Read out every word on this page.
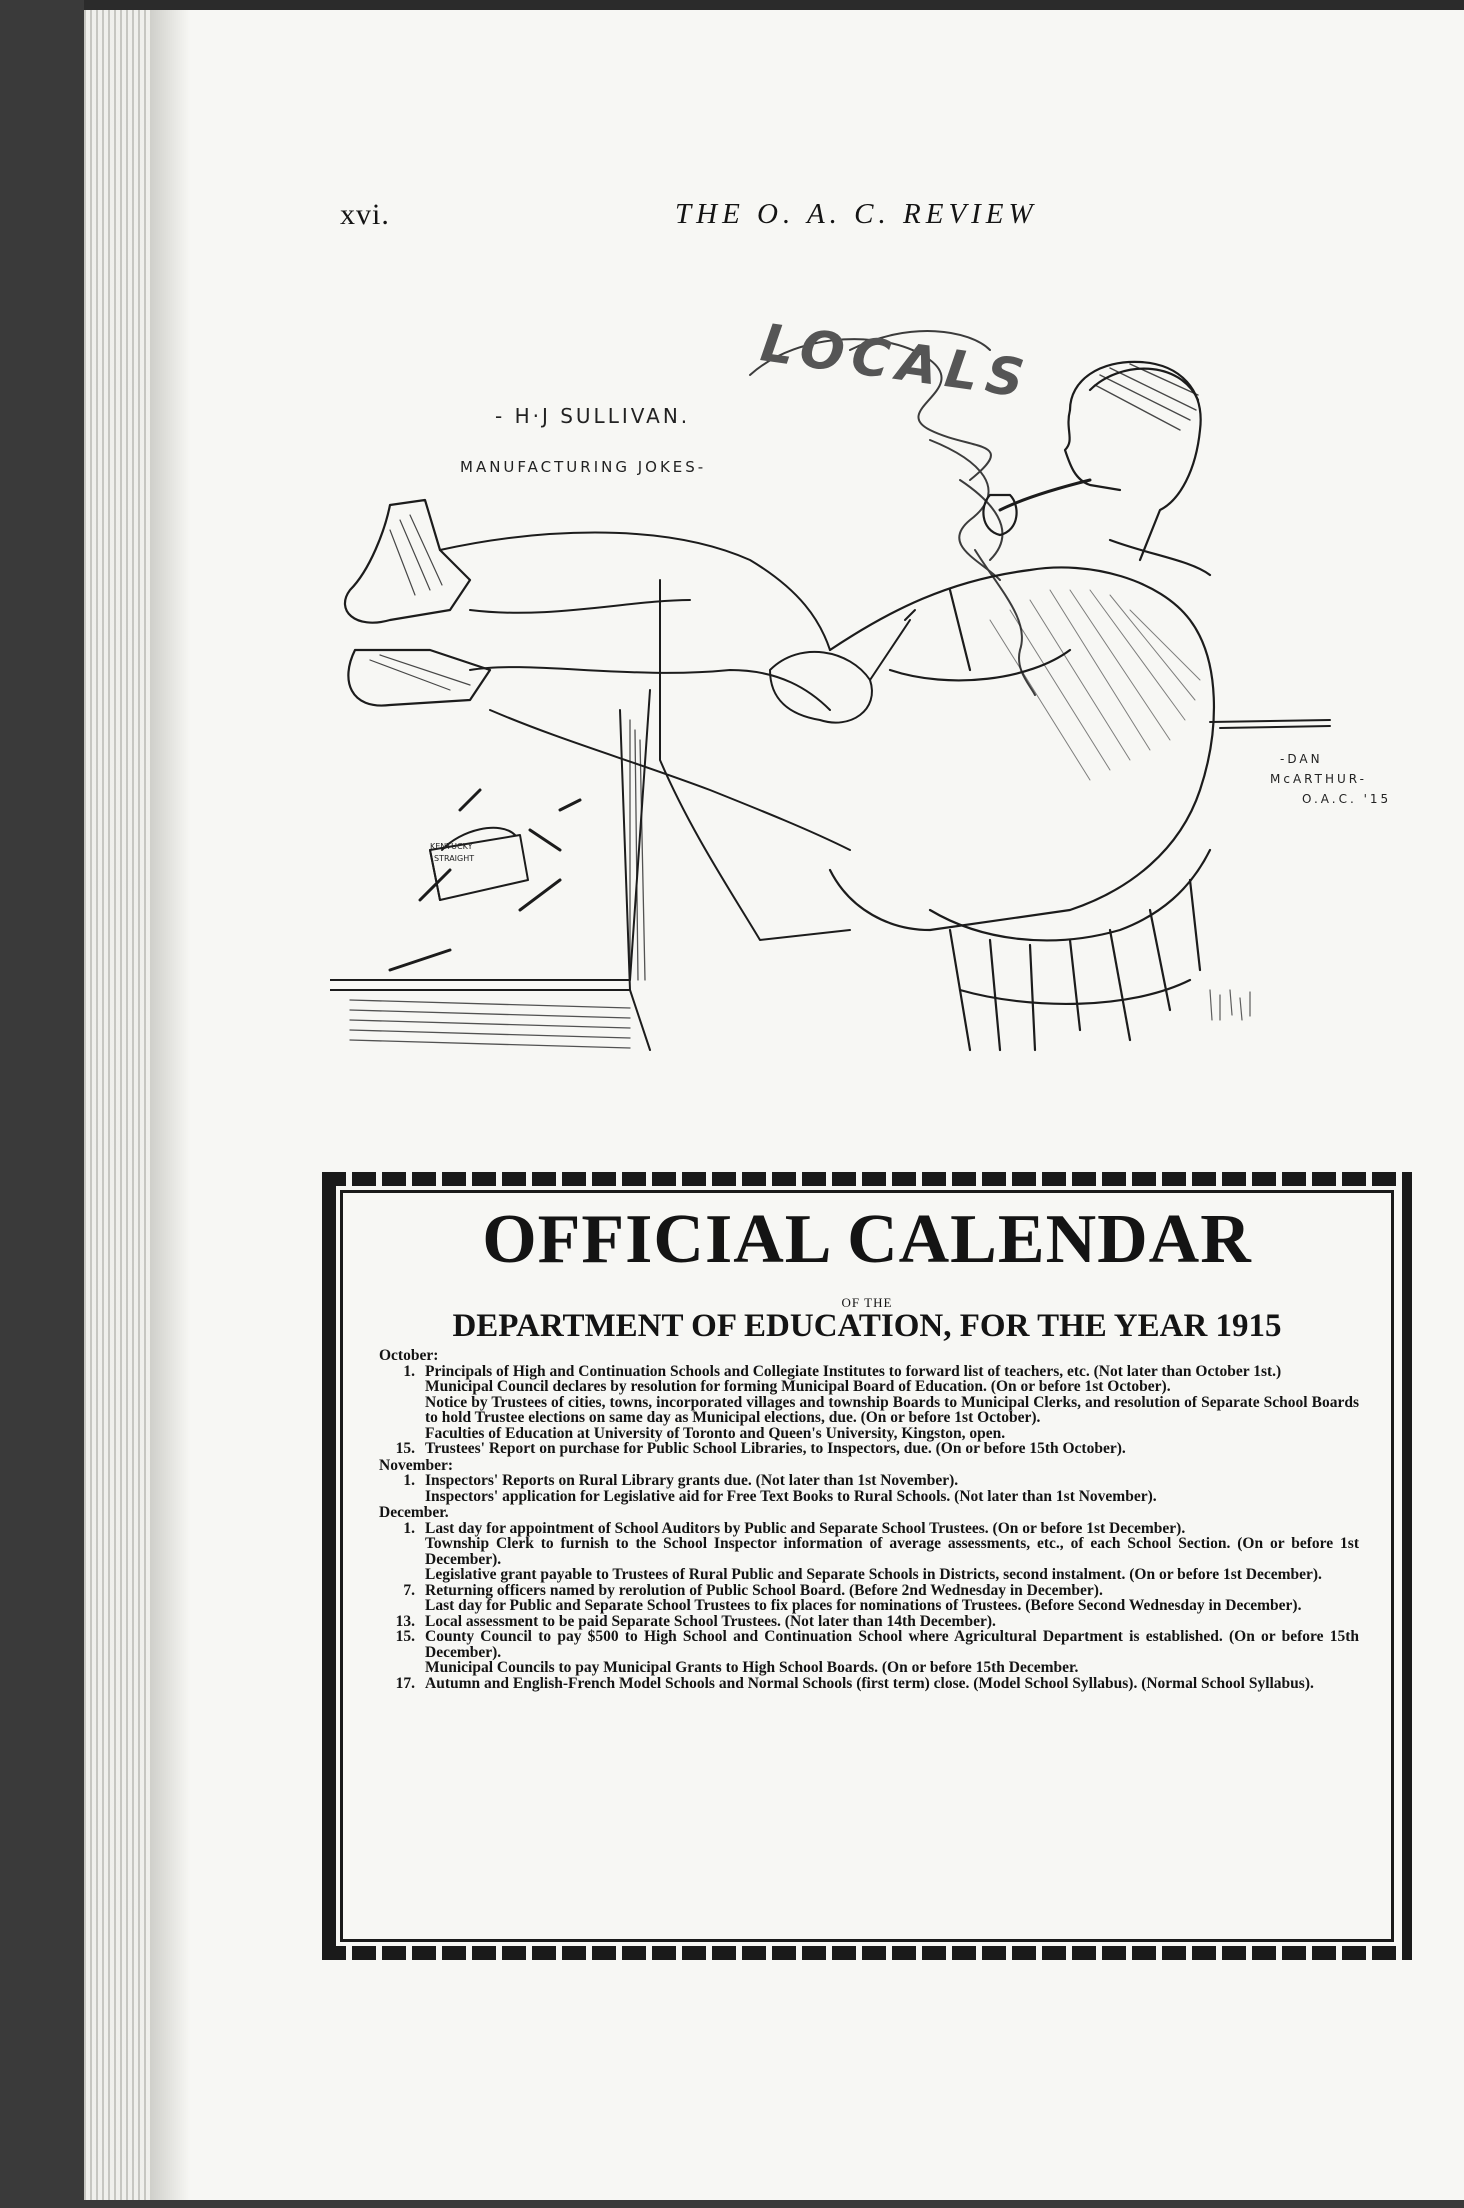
xvi.	THE O. A. C. REVIEW
LOCALS
- H·J SULLIVAN.
MANUFACTURING JOKES-
KENTUCKY
STRAIGHT
-DAN
McARTHUR-
O.A.C. '15
OFFICIAL CALENDAR
OF THE
DEPARTMENT OF EDUCATION, FOR THE YEAR 1915
October:
1. Principals of High and Continuation Schools and Collegiate Institutes to forward list of teachers, etc. (Not later than October 1st.)
Municipal Council declares by resolution for forming Municipal Board of Education. (On or before 1st October).
Notice by Trustees of cities, towns, incorporated villages and township Boards to Municipal Clerks, and resolution of Separate School Boards to hold Trustee elections on same day as Municipal elections, due. (On or before 1st October).
Faculties of Education at University of Toronto and Queen's University, Kingston, open.
15. Trustees' Report on purchase for Public School Libraries, to Inspectors, due. (On or before 15th October).
November:
1. Inspectors' Reports on Rural Library grants due. (Not later than 1st November).
Inspectors' application for Legislative aid for Free Text Books to Rural Schools. (Not later than 1st November).
December.
1. Last day for appointment of School Auditors by Public and Separate School Trustees. (On or before 1st December).
Township Clerk to furnish to the School Inspector information of average assessments, etc., of each School Section. (On or before 1st December).
Legislative grant payable to Trustees of Rural Public and Separate Schools in Districts, second instalment. (On or before 1st December).
7. Returning officers named by rerolution of Public School Board. (Before 2nd Wednesday in December).
Last day for Public and Separate School Trustees to fix places for nominations of Trustees. (Before Second Wednesday in December).
13. Local assessment to be paid Separate School Trustees. (Not later than 14th December).
15. County Council to pay $500 to High School and Continuation School where Agricultural Department is established. (On or before 15th December).
Municipal Councils to pay Municipal Grants to High School Boards. (On or before 15th December.
17. Autumn and English-French Model Schools and Normal Schools (first term) close. (Model School Syllabus). (Normal School Syllabus).
